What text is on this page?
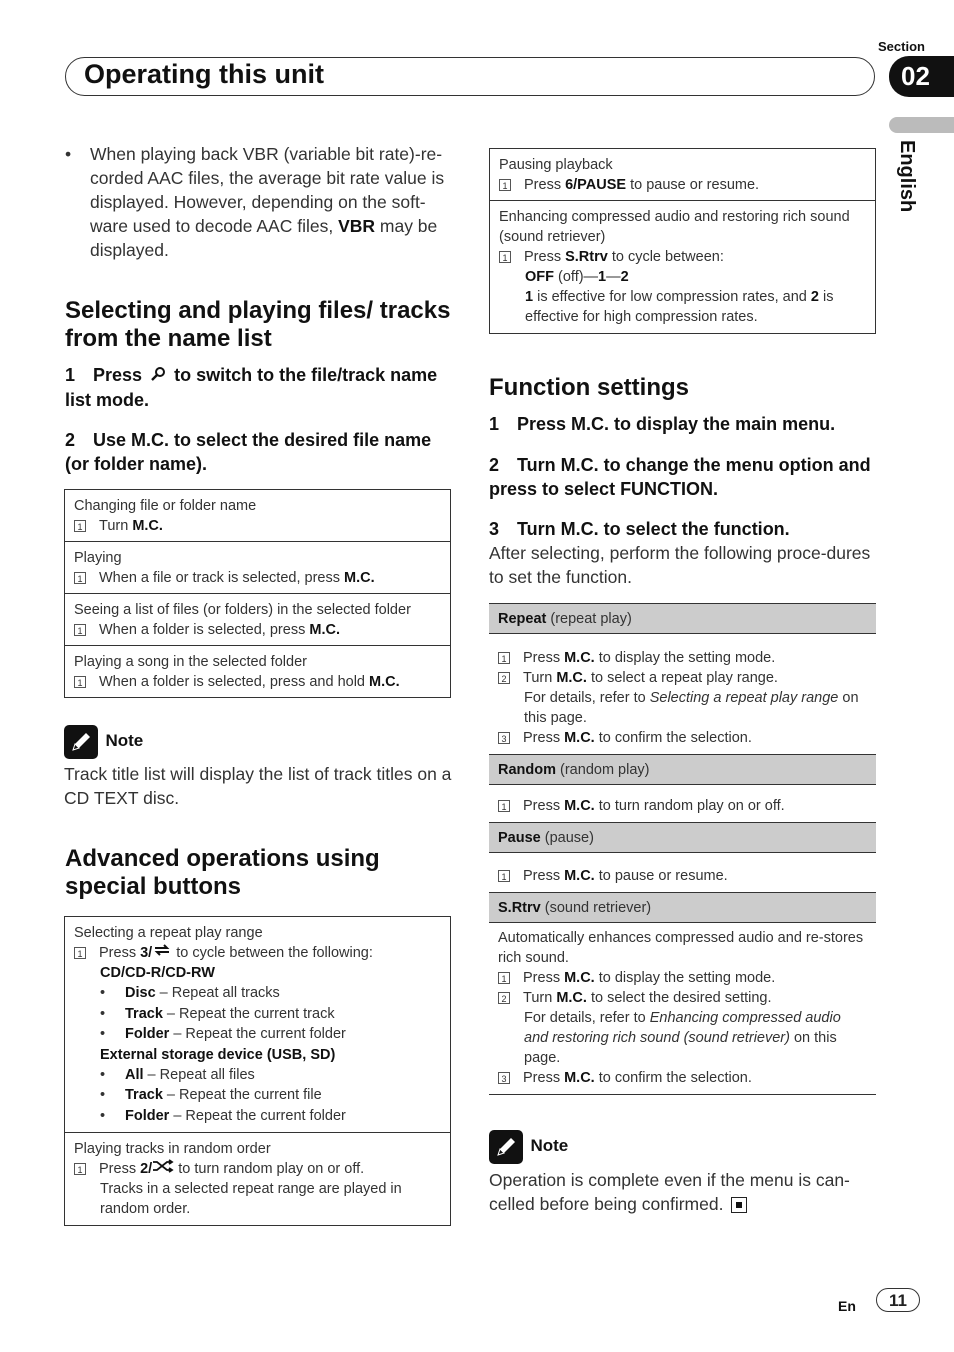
Operating this unit
Section
02
English
• When playing back VBR (variable bit rate)-re-corded AAC files, the average bit rate value is displayed. However, depending on the soft-ware used to decode AAC files, VBR may be displayed.
Selecting and playing files/ tracks from the name list
1 Press to switch to the file/track name list mode.
2 Use M.C. to select the desired file name (or folder name).
Changing file or folder name
1 Turn M.C.
Playing
1 When a file or track is selected, press M.C.
Seeing a list of files (or folders) in the selected folder
1 When a folder is selected, press M.C.
Playing a song in the selected folder
1 When a folder is selected, press and hold M.C.
Note
Track title list will display the list of track titles on a CD TEXT disc.
Advanced operations using special buttons
Selecting a repeat play range
1 Press 3/ to cycle between the following:
CD/CD-R/CD-RW
•	Disc – Repeat all tracks
•	Track – Repeat the current track
•	Folder – Repeat the current folder
External storage device (USB, SD)
•	All – Repeat all files
•	Track – Repeat the current file
•	Folder – Repeat the current folder
Playing tracks in random order
1 Press 2/ to turn random play on or off.
Tracks in a selected repeat range are played in random order.
Pausing playback
1 Press 6/PAUSE to pause or resume.
Enhancing compressed audio and restoring rich sound (sound retriever)
1 Press S.Rtrv to cycle between:
OFF (off)—1—2
1 is effective for low compression rates, and 2 is effective for high compression rates.
Function settings
1 Press M.C. to display the main menu.
2 Turn M.C. to change the menu option and press to select FUNCTION.
3 Turn M.C. to select the function.
After selecting, perform the following proce-dures to set the function.
Repeat (repeat play)
1 Press M.C. to display the setting mode.
2 Turn M.C. to select a repeat play range.
For details, refer to Selecting a repeat play range on this page.
3 Press M.C. to confirm the selection.
Random (random play)
1 Press M.C. to turn random play on or off.
Pause (pause)
1 Press M.C. to pause or resume.
S.Rtrv (sound retriever)
Automatically enhances compressed audio and re-stores rich sound.
1 Press M.C. to display the setting mode.
2 Turn M.C. to select the desired setting.
For details, refer to Enhancing compressed audio and restoring rich sound (sound retriever) on this page.
3 Press M.C. to confirm the selection.
Note
Operation is complete even if the menu is can-celled before being confirmed.
En	11
